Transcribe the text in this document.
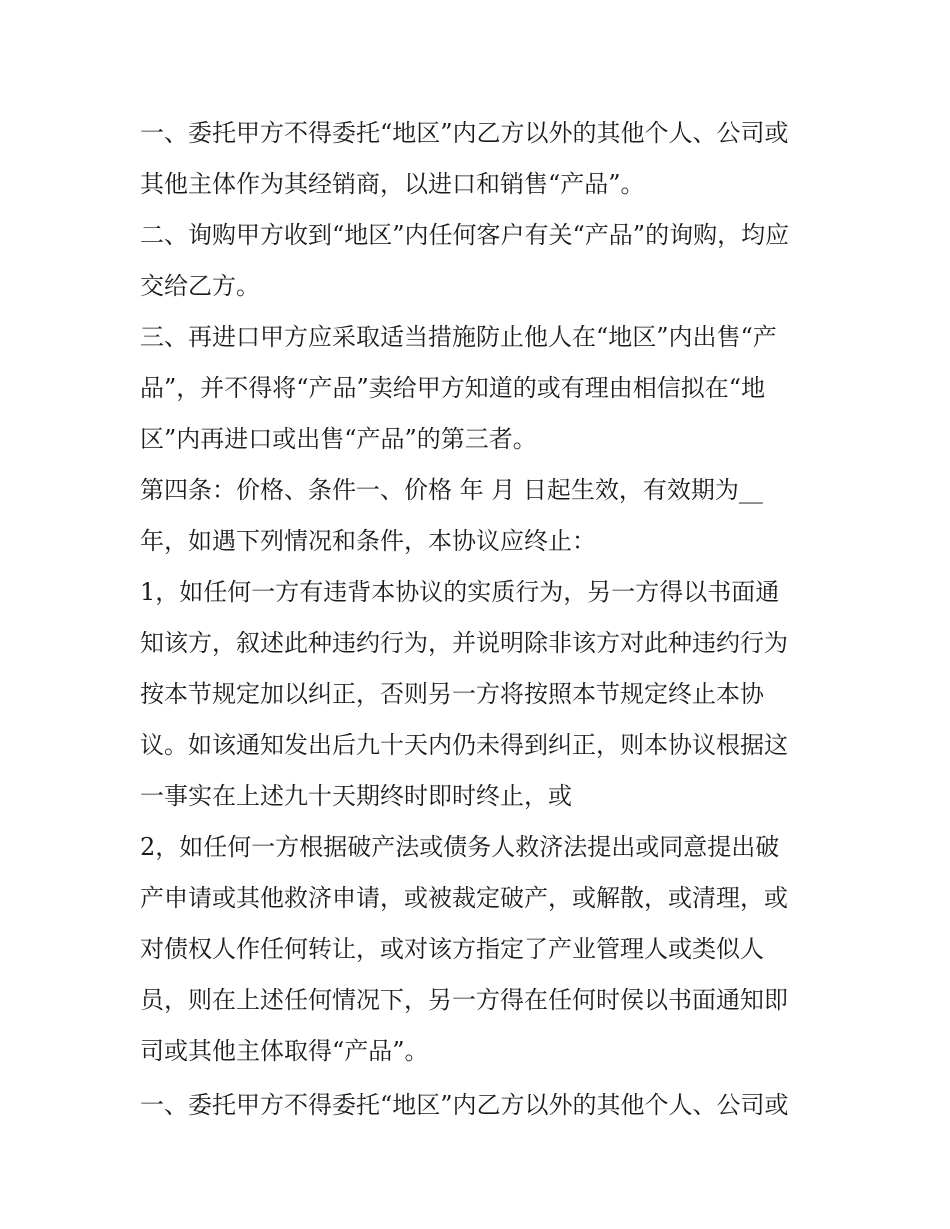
一、委托甲方不得委托“地区”内乙方以外的其他个人、公司或
其他主体作为其经销商，以进口和销售“产品”。
二、询购甲方收到“地区”内任何客户有关“产品”的询购，均应
交给乙方。
三、再进口甲方应采取适当措施防止他人在“地区”内出售“产
品”，并不得将“产品”卖给甲方知道的或有理由相信拟在“地
区”内再进口或出售“产品”的第三者。
第四条：价格、条件一、价格 年 月 日起生效，有效期为__
年，如遇下列情况和条件，本协议应终止：
1，如任何一方有违背本协议的实质行为，另一方得以书面通
知该方，叙述此种违约行为，并说明除非该方对此种违约行为
按本节规定加以纠正，否则另一方将按照本节规定终止本协
议。如该通知发出后九十天内仍未得到纠正，则本协议根据这
一事实在上述九十天期终时即时终止，或
2，如任何一方根据破产法或债务人救济法提出或同意提出破
产申请或其他救济申请，或被裁定破产，或解散，或清理，或
对债权人作任何转让，或对该方指定了产业管理人或类似人
员，则在上述任何情况下，另一方得在任何时侯以书面通知即
司或其他主体取得“产品”。
一、委托甲方不得委托“地区”内乙方以外的其他个人、公司或
